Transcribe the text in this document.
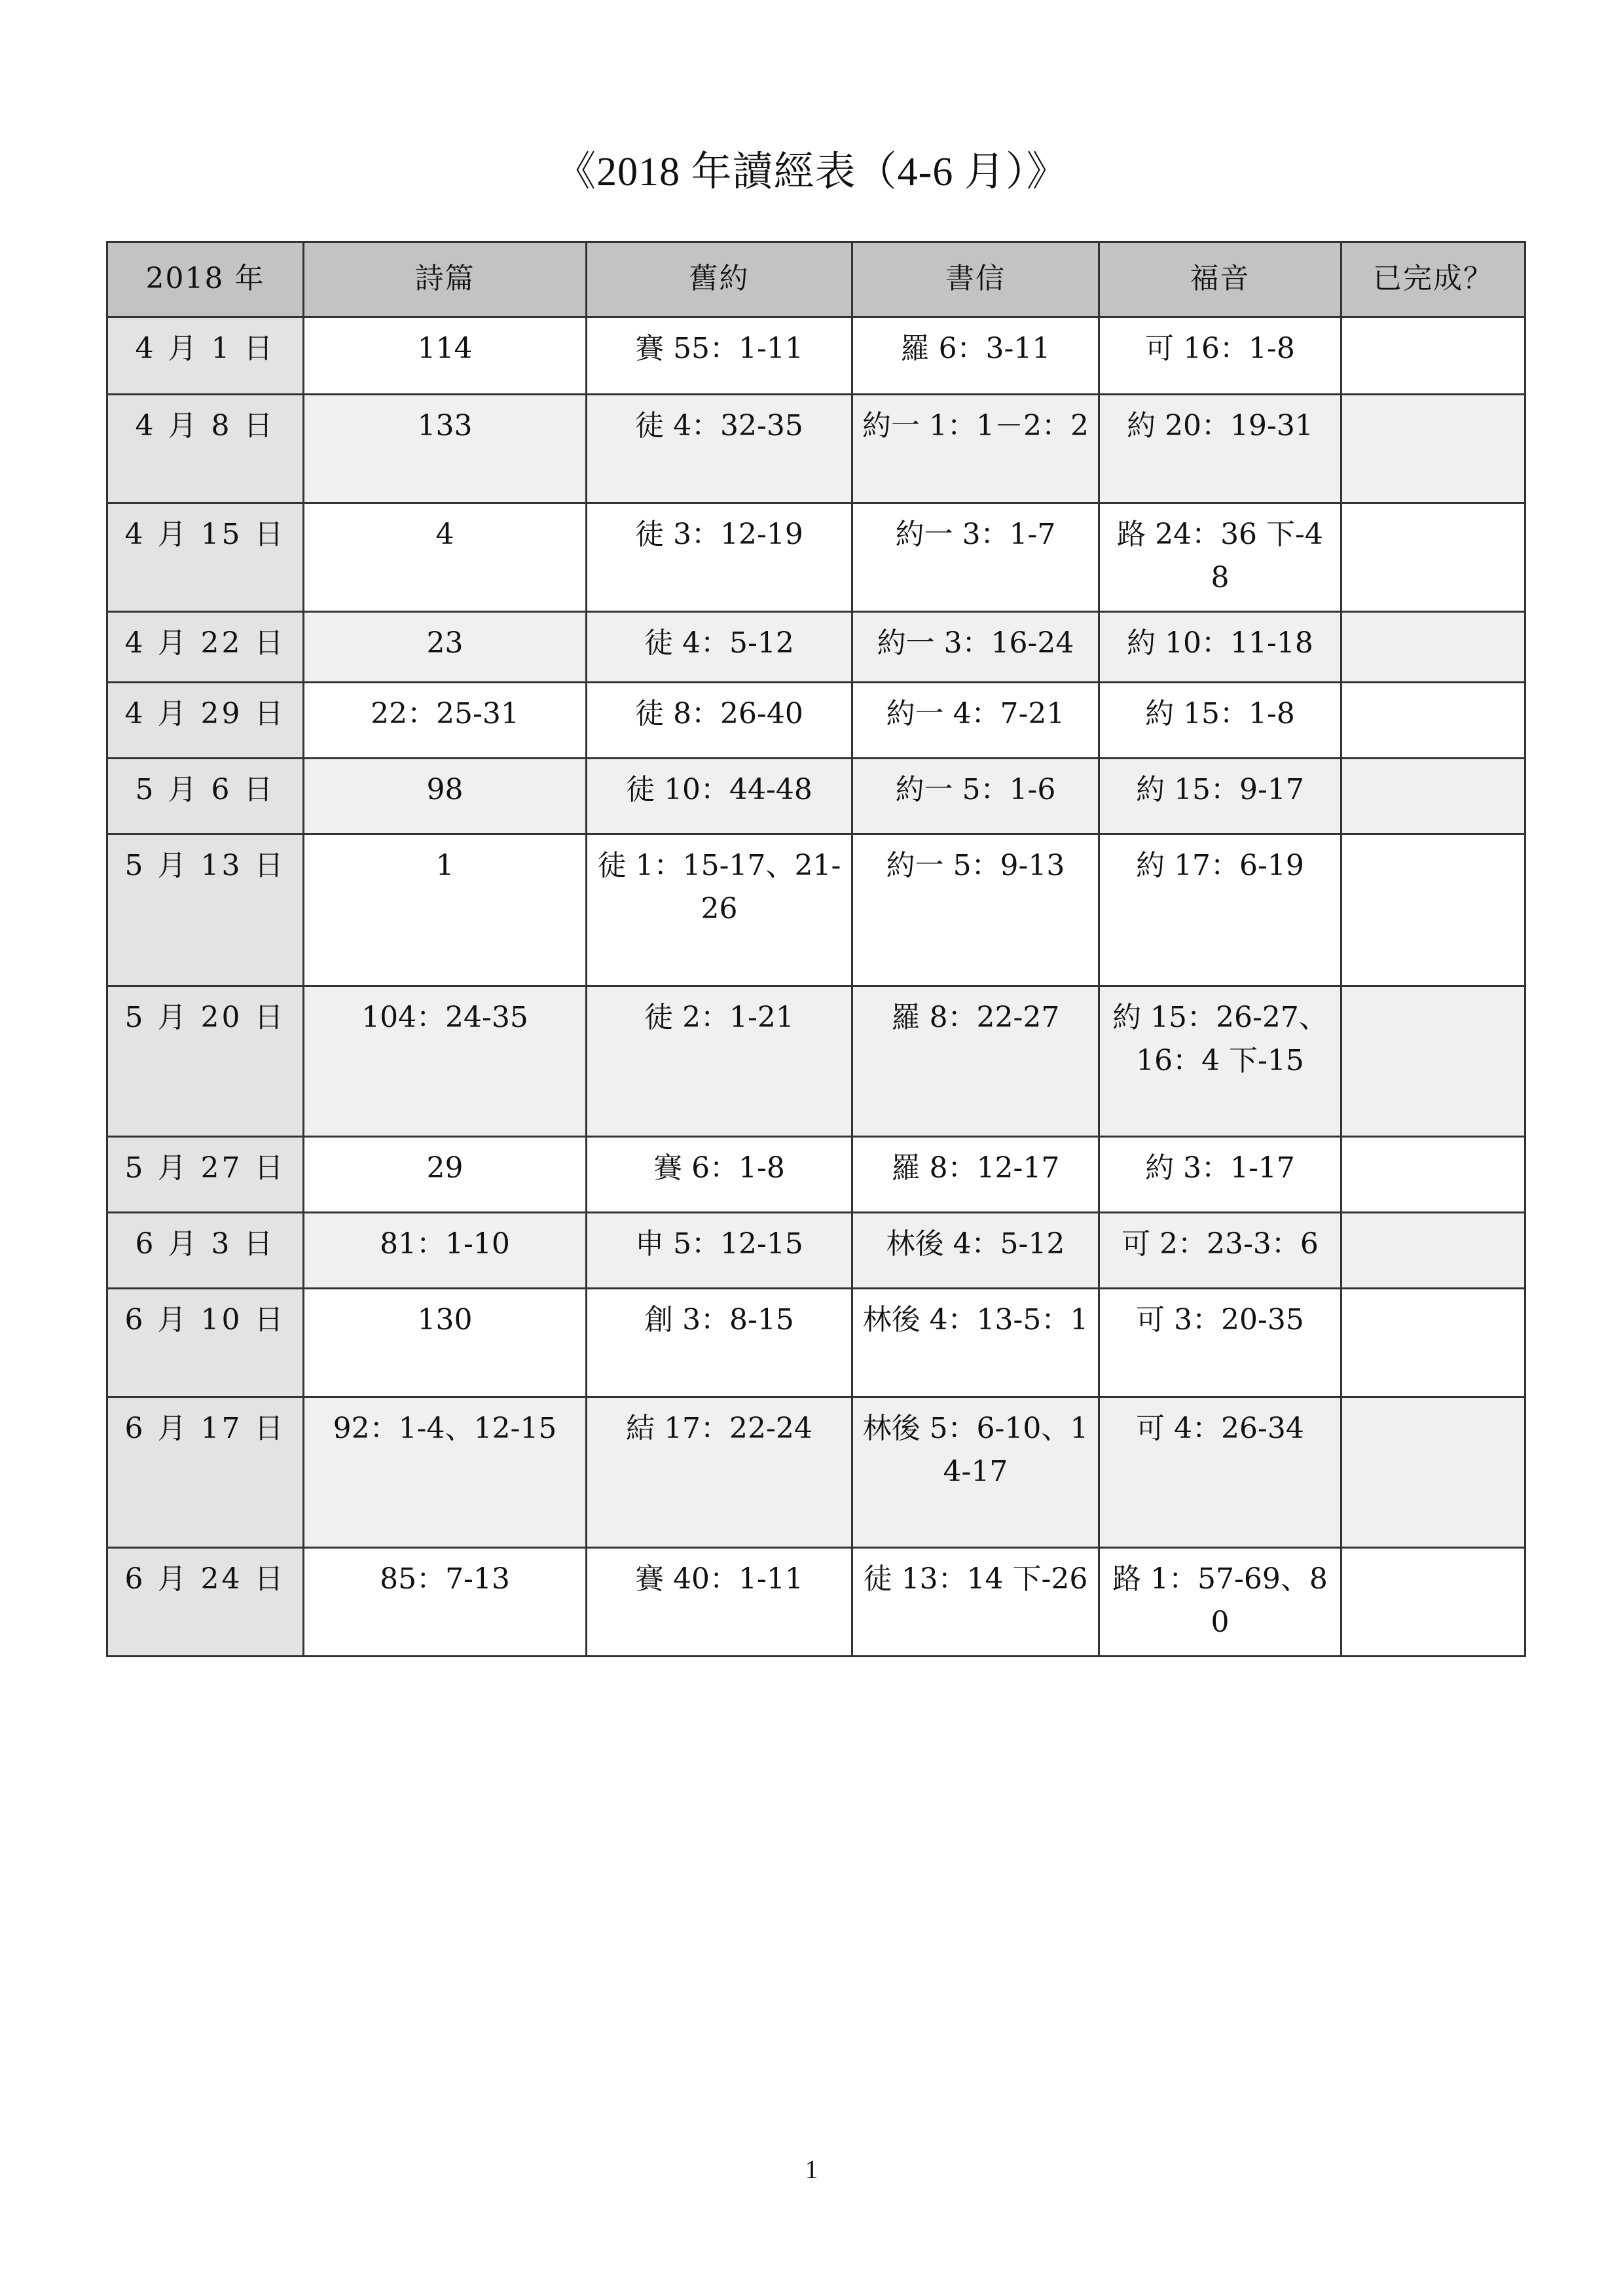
《2018 年讀經表（4-6 月）》
2018 年	詩篇	舊約	書信	福音	已完成？
4 月 1 日	114	賽 55：1-11	羅 6：3-11	可 16：1-8	
4 月 8 日	133	徒 4：32-35	約一 1：1－2：2	約 20：19-31	
4 月 15 日	4	徒 3：12-19	約一 3：1-7	路 24：36 下-48	
4 月 22 日	23	徒 4：5-12	約一 3：16-24	約 10：11-18	
4 月 29 日	22：25-31	徒 8：26-40	約一 4：7-21	約 15：1-8	
5 月 6 日	98	徒 10：44-48	約一 5：1-6	約 15：9-17	
5 月 13 日	1	徒 1：15-17、21-26	約一 5：9-13	約 17：6-19	
5 月 20 日	104：24-35	徒 2：1-21	羅 8：22-27	約 15：26-27、16：4 下-15	
5 月 27 日	29	賽 6：1-8	羅 8：12-17	約 3：1-17	
6 月 3 日	81：1-10	申 5：12-15	林後 4：5-12	可 2：23-3：6	
6 月 10 日	130	創 3：8-15	林後 4：13-5：1	可 3：20-35	
6 月 17 日	92：1-4、12-15	結 17：22-24	林後 5：6-10、14-17	可 4：26-34	
6 月 24 日	85：7-13	賽 40：1-11	徒 13：14 下-26	路 1：57-69、80	
1
